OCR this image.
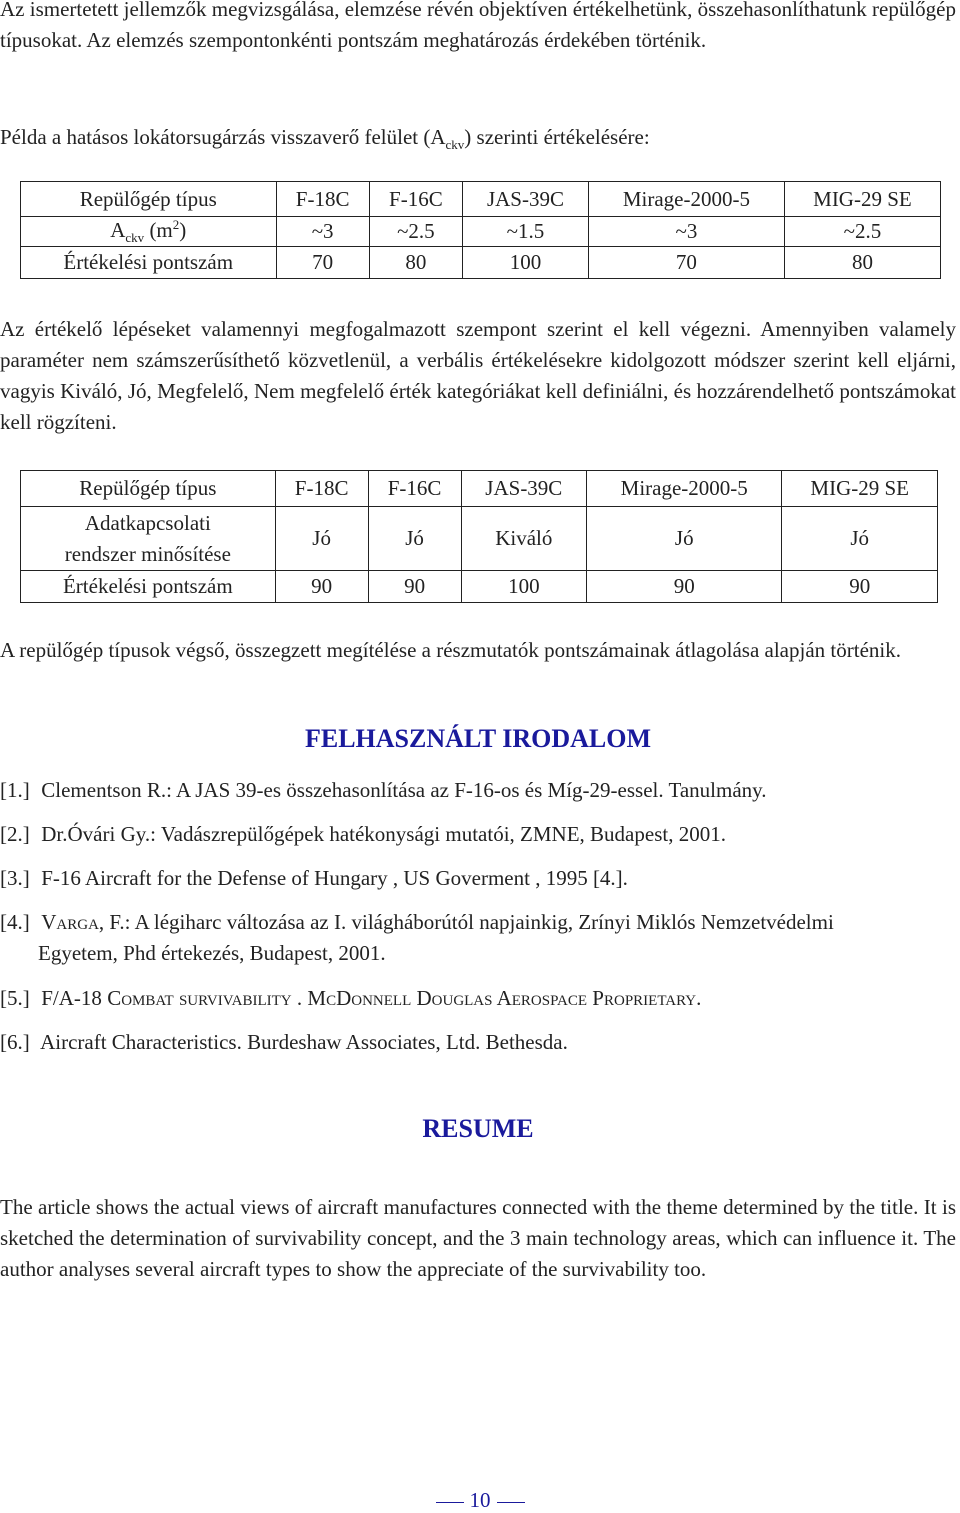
Az ismertetett jellemzők megvizsgálása, elemzése révén objektíven értékelhetünk, összehasonlíthatunk repülőgép típusokat. Az elemzés szempontonkénti pontszám meghatározás érdekében történik.

Példa a hatásos lokátorsugárzás visszaverő felület $(A_{ckv})$ szerinti értékelésére:

Repülőgép típus	F-18C	F-16C	JAS-39C	Mirage-2000-5	MIG-29 SE
$A_{ckv}$ $(m^2)$	~3	~2.5	~1.5	~3	~2.5
Értékelési pontszám	70	80	100	70	80

Az értékelő lépéseket valamennyi megfogalmazott szempont szerint el kell végezni. Amennyiben valamely paraméter nem számszerűsíthető közvetlenül, a verbális értékelésekre kidolgozott módszer szerint kell eljárni, vagyis Kiváló, Jó, Megfelelő, Nem megfelelő érték kategóriákat kell definiálni, és hozzárendelhető pontszámokat kell rögzíteni.

Repülőgép típus	F-18C	F-16C	JAS-39C	Mirage-2000-5	MIG-29 SE
Adatkapcsolati
rendszer minősítése	Jó	Jó	Kiváló	Jó	Jó
Értékelési pontszám	90	90	100	90	90

A repülőgép típusok végső, összegzett megítélése a részmutatók pontszámainak átlagolása alapján történik.

FELHASZNÁLT IRODALOM

[1.] Clementson R.: A JAS 39-es összehasonlítása az F-16-os és Míg-29-essel. Tanulmány.

[2.] Dr.Óvári Gy.: Vadászrepülőgépek hatékonysági mutatói, ZMNE, Budapest, 2001.

[3.] F-16 Aircraft for the Defense of Hungary , US Goverment , 1995 [4.].

[4.] Varga, F.: A légiharc változása az I. világháborútól napjainkig, Zrínyi Miklós Nemzetvédelmi
Egyetem, Phd értekezés, Budapest, 2001.

[5.] F/A-18 Combat survivability . McDonnell Douglas Aerospace Proprietary.

[6.] Aircraft Characteristics. Burdeshaw Associates, Ltd. Bethesda.

RESUME

The article shows the actual views of aircraft manufactures connected with the theme determined by the title. It is sketched the determination of survivability concept, and the 3 main technology areas, which can influence it. The author analyses several aircraft types to show the appreciate of the survivability too.

10
